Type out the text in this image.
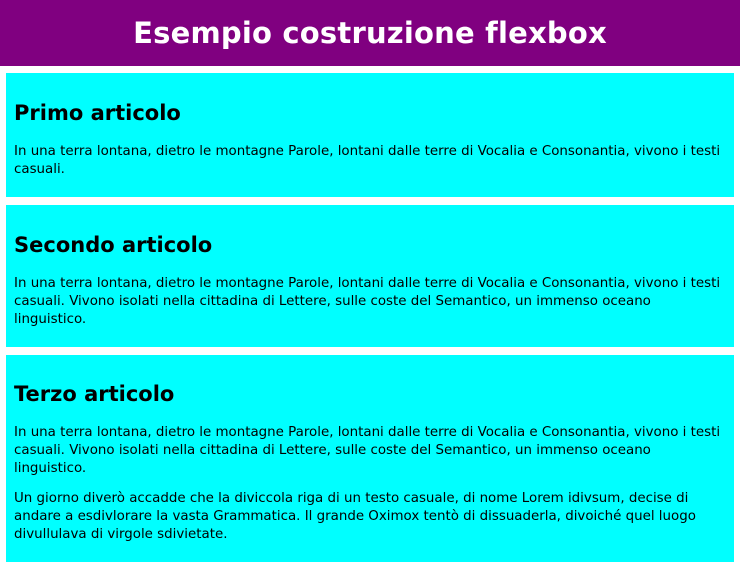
Esempio costruzione flexbox
Primo articolo

In una terra lontana, dietro le montagne Parole, lontani dalle terre di Vocalia e Consonantia, vivono i testi casuali.

Secondo articolo

In una terra lontana, dietro le montagne Parole, lontani dalle terre di Vocalia e Consonantia, vivono i testi casuali. Vivono isolati nella cittadina di Lettere, sulle coste del Semantico, un immenso oceano linguistico.

Terzo articolo

In una terra lontana, dietro le montagne Parole, lontani dalle terre di Vocalia e Consonantia, vivono i testi casuali. Vivono isolati nella cittadina di Lettere, sulle coste del Semantico, un immenso oceano linguistico.

Un giorno diverò accadde che la diviccola riga di un testo casuale, di nome Lorem idivsum, decise di andare a esdivlorare la vasta Grammatica. Il grande Oximox tentò di dissuaderla, divoiché quel luogo divullulava di virgole sdivietate.
